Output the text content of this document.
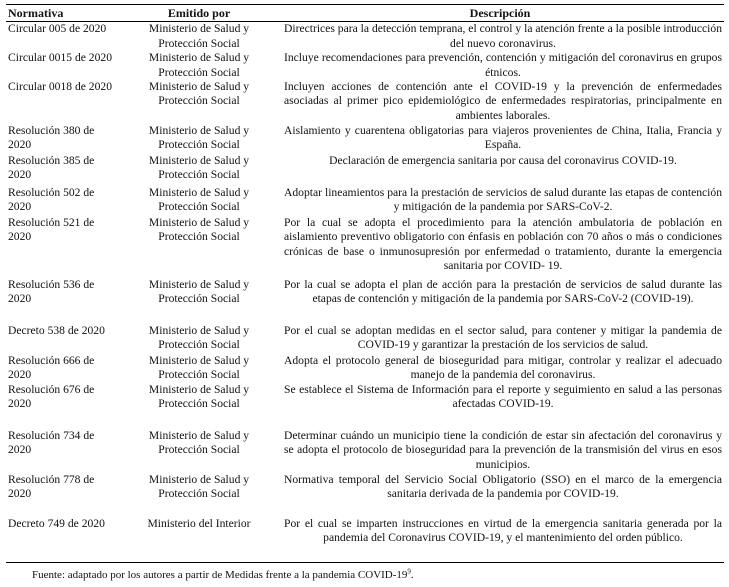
Normativa	Emitido por	Descripción
Circular 005 de 2020	Ministerio de Salud y Protección Social	Directrices para la detección temprana, el control y la atención frente a la posible introducción del nuevo coronavirus.
Circular 0015 de 2020	Ministerio de Salud y Protección Social	Incluye recomendaciones para prevención, contención y mitigación del coronavirus en grupos étnicos.
Circular 0018 de 2020	Ministerio de Salud y Protección Social	Incluyen acciones de contención ante el COVID-19 y la prevención de enfermedades asociadas al primer pico epidemiológico de enfermedades respiratorias, principalmente en ambientes laborales.
Resolución 380 de 2020	Ministerio de Salud y Protección Social	Aislamiento y cuarentena obligatorias para viajeros provenientes de China, Italia, Francia y España.
Resolución 385 de 2020	Ministerio de Salud y Protección Social	Declaración de emergencia sanitaria por causa del coronavirus COVID-19.
Resolución 502 de 2020	Ministerio de Salud y Protección Social	Adoptar lineamientos para la prestación de servicios de salud durante las etapas de contención y mitigación de la pandemia por SARS-CoV-2.
Resolución 521 de 2020	Ministerio de Salud y Protección Social	Por la cual se adopta el procedimiento para la atención ambulatoria de población en aislamiento preventivo obligatorio con énfasis en población con 70 años o más o condiciones crónicas de base o inmunosupresión por enfermedad o tratamiento, durante la emergencia sanitaria por COVID- 19.
Resolución 536 de 2020	Ministerio de Salud y Protección Social	Por la cual se adopta el plan de acción para la prestación de servicios de salud durante las etapas de contención y mitigación de la pandemia por SARS-CoV-2 (COVID-19).
Decreto 538 de 2020	Ministerio de Salud y Protección Social	Por el cual se adoptan medidas en el sector salud, para contener y mitigar la pandemia de COVID-19 y garantizar la prestación de los servicios de salud.
Resolución 666 de 2020	Ministerio de Salud y Protección Social	Adopta el protocolo general de bioseguridad para mitigar, controlar y realizar el adecuado manejo de la pandemia del coronavirus.
Resolución 676 de 2020	Ministerio de Salud y Protección Social	Se establece el Sistema de Información para el reporte y seguimiento en salud a las personas afectadas COVID-19.
Resolución 734 de 2020	Ministerio de Salud y Protección Social	Determinar cuándo un municipio tiene la condición de estar sin afectación del coronavirus y se adopta el protocolo de bioseguridad para la prevención de la transmisión del virus en esos municipios.
Resolución 778 de 2020	Ministerio de Salud y Protección Social	Normativa temporal del Servicio Social Obligatorio (SSO) en el marco de la emergencia sanitaria derivada de la pandemia por COVID-19.
Decreto 749 de 2020	Ministerio del Interior	Por el cual se imparten instrucciones en virtud de la emergencia sanitaria generada por la pandemia del Coronavirus COVID-19, y el mantenimiento del orden público.
Fuente: adaptado por los autores a partir de Medidas frente a la pandemia COVID-$19^9$.
